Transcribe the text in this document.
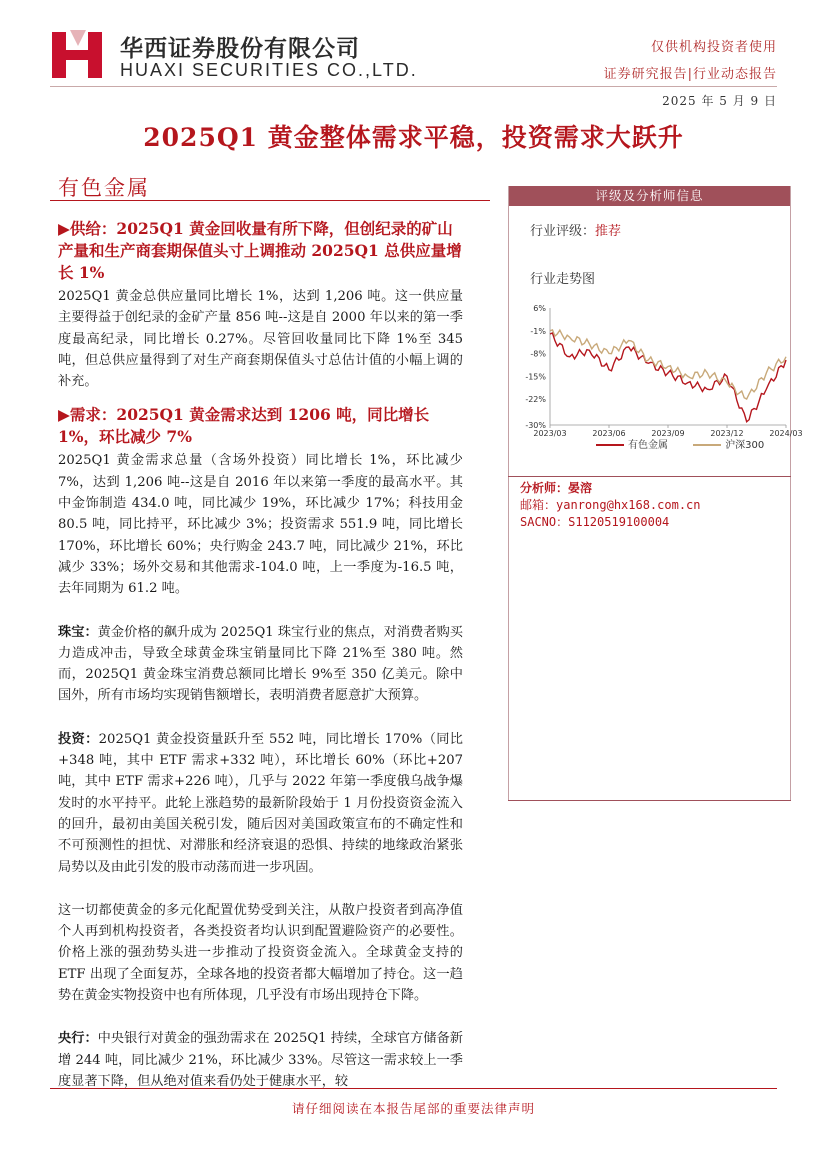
华西证券股份有限公司
HUAXI SECURITIES CO.,LTD.
仅供机构投资者使用
证券研究报告|行业动态报告
2025 年 5 月 9 日
2025Q1 黄金整体需求平稳，投资需求大跃升
有色金属
▶供给：2025Q1 黄金回收量有所下降，但创纪录的矿山产量和生产商套期保值头寸上调推动 2025Q1 总供应量增长 1%

2025Q1 黄金总供应量同比增长 1%，达到 1,206 吨。这一供应量主要得益于创纪录的金矿产量 856 吨--这是自 2000 年以来的第一季度最高纪录，同比增长 0.27%。尽管回收量同比下降 1%至 345 吨，但总供应量得到了对生产商套期保值头寸总估计值的小幅上调的补充。

▶需求：2025Q1 黄金需求达到 1206 吨，同比增长 1%，环比减少 7%

2025Q1 黄金需求总量（含场外投资）同比增长 1%，环比减少 7%，达到 1,206 吨--这是自 2016 年以来第一季度的最高水平。其中金饰制造 434.0 吨，同比减少 19%，环比减少 17%；科技用金 80.5 吨，同比持平，环比减少 3%；投资需求 551.9 吨，同比增长 170%，环比增长 60%；央行购金 243.7 吨，同比减少 21%，环比减少 33%；场外交易和其他需求-104.0 吨，上一季度为-16.5 吨，去年同期为 61.2 吨。

珠宝：黄金价格的飙升成为 2025Q1 珠宝行业的焦点，对消费者购买力造成冲击，导致全球黄金珠宝销量同比下降 21%至 380 吨。然而，2025Q1 黄金珠宝消费总额同比增长 9%至 350 亿美元。除中国外，所有市场均实现销售额增长，表明消费者愿意扩大预算。

投资：2025Q1 黄金投资量跃升至 552 吨，同比增长 170%（同比+348 吨，其中 ETF 需求+332 吨），环比增长 60%（环比+207 吨，其中 ETF 需求+226 吨），几乎与 2022 年第一季度俄乌战争爆发时的水平持平。此轮上涨趋势的最新阶段始于 1 月份投资资金流入的回升，最初由美国关税引发，随后因对美国政策宣布的不确定性和不可预测性的担忧、对滞胀和经济衰退的恐惧、持续的地缘政治紧张局势以及由此引发的股市动荡而进一步巩固。

这一切都使黄金的多元化配置优势受到关注，从散户投资者到高净值个人再到机构投资者，各类投资者均认识到配置避险资产的必要性。价格上涨的强劲势头进一步推动了投资资金流入。全球黄金支持的 ETF 出现了全面复苏，全球各地的投资者都大幅增加了持仓。这一趋势在黄金实物投资中也有所体现，几乎没有市场出现持仓下降。

央行：中央银行对黄金的强劲需求在 2025Q1 持续，全球官方储备新增 244 吨，同比减少 21%，环比减少 33%。尽管这一需求较上一季度显著下降，但从绝对值来看仍处于健康水平，较

评级及分析师信息
行业评级：推荐
行业走势图
6%
-1%
-8%
-15%
-22%
-30%
2023/03	2023/06	2023/09	2023/12	2024/03
有色金属	沪深300
分析师：晏溶
邮箱：yanrong@hx168.com.cn
SACNO：S1120519100004
请仔细阅读在本报告尾部的重要法律声明
